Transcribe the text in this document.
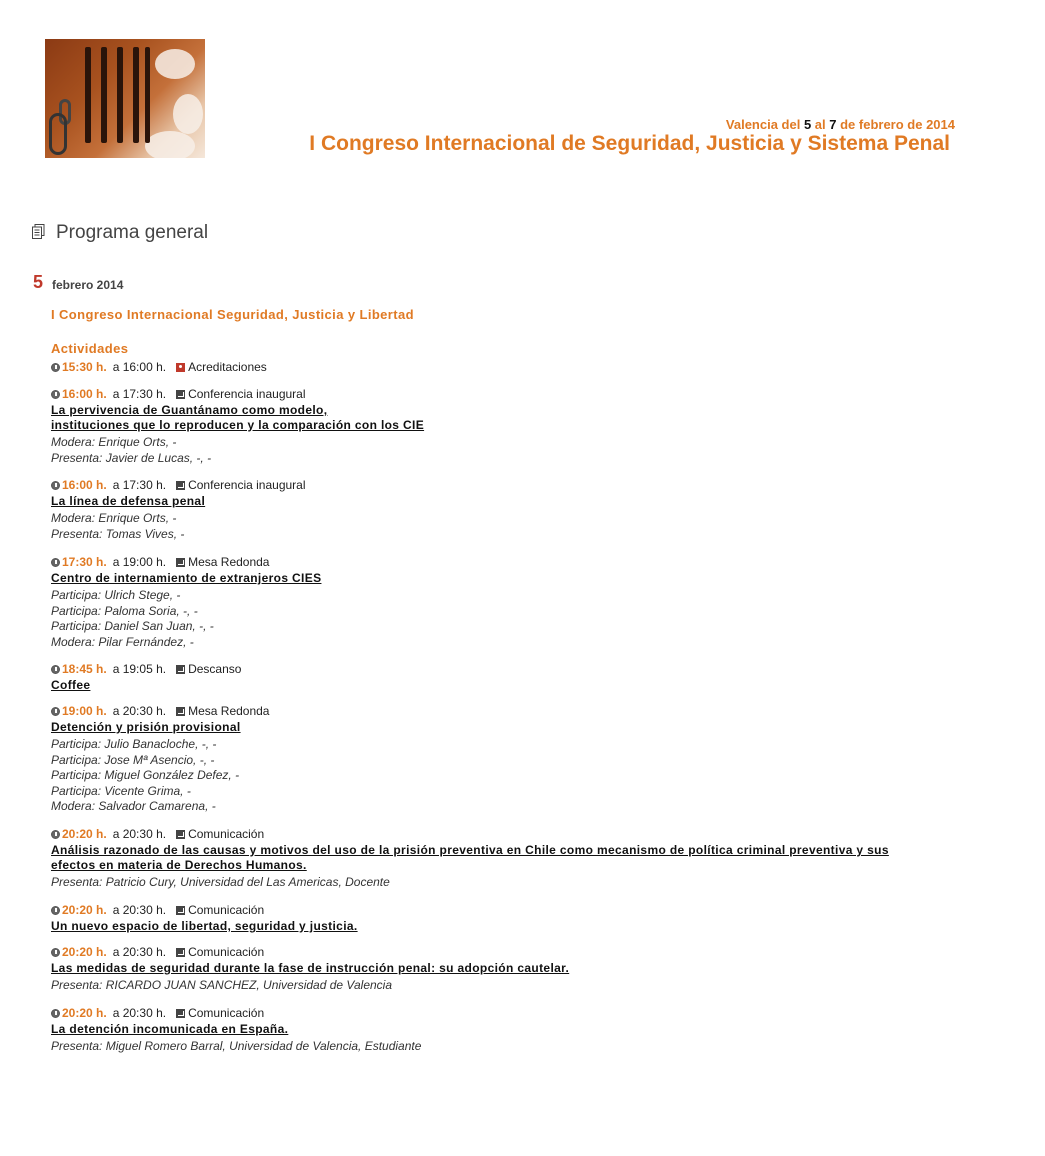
Valencia del 5 al 7 de febrero de 2014
I Congreso Internacional de Seguridad, Justicia y Sistema Penal
Programa general
5 febrero 2014
I Congreso Internacional Seguridad, Justicia y Libertad
Actividades
15:30 h. a 16:00 h. Acreditaciones
16:00 h. a 17:30 h. Conferencia inaugural
La pervivencia de Guantánamo como modelo,
instituciones que lo reproducen y la comparación con los CIE
Modera: Enrique Orts, -
Presenta: Javier de Lucas, -, -
16:00 h. a 17:30 h. Conferencia inaugural
La línea de defensa penal
Modera: Enrique Orts, -
Presenta: Tomas Vives, -
17:30 h. a 19:00 h. Mesa Redonda
Centro de internamiento de extranjeros CIES
Participa: Ulrich Stege, -
Participa: Paloma Soria, -, -
Participa: Daniel San Juan, -, -
Modera: Pilar Fernández, -
18:45 h. a 19:05 h. Descanso
Coffee
19:00 h. a 20:30 h. Mesa Redonda
Detención y prisión provisional
Participa: Julio Banacloche, -, -
Participa: Jose Mª Asencio, -, -
Participa: Miguel González Defez, -
Participa: Vicente Grima, -
Modera: Salvador Camarena, -
20:20 h. a 20:30 h. Comunicación
Análisis razonado de las causas y motivos del uso de la prisión preventiva en Chile como mecanismo de política criminal preventiva y sus
efectos en materia de Derechos Humanos.
Presenta: Patricio Cury, Universidad del Las Americas, Docente
20:20 h. a 20:30 h. Comunicación
Un nuevo espacio de libertad, seguridad y justicia.
20:20 h. a 20:30 h. Comunicación
Las medidas de seguridad durante la fase de instrucción penal: su adopción cautelar.
Presenta: RICARDO JUAN SANCHEZ, Universidad de Valencia
20:20 h. a 20:30 h. Comunicación
La detención incomunicada en España.
Presenta: Miguel Romero Barral, Universidad de Valencia, Estudiante
